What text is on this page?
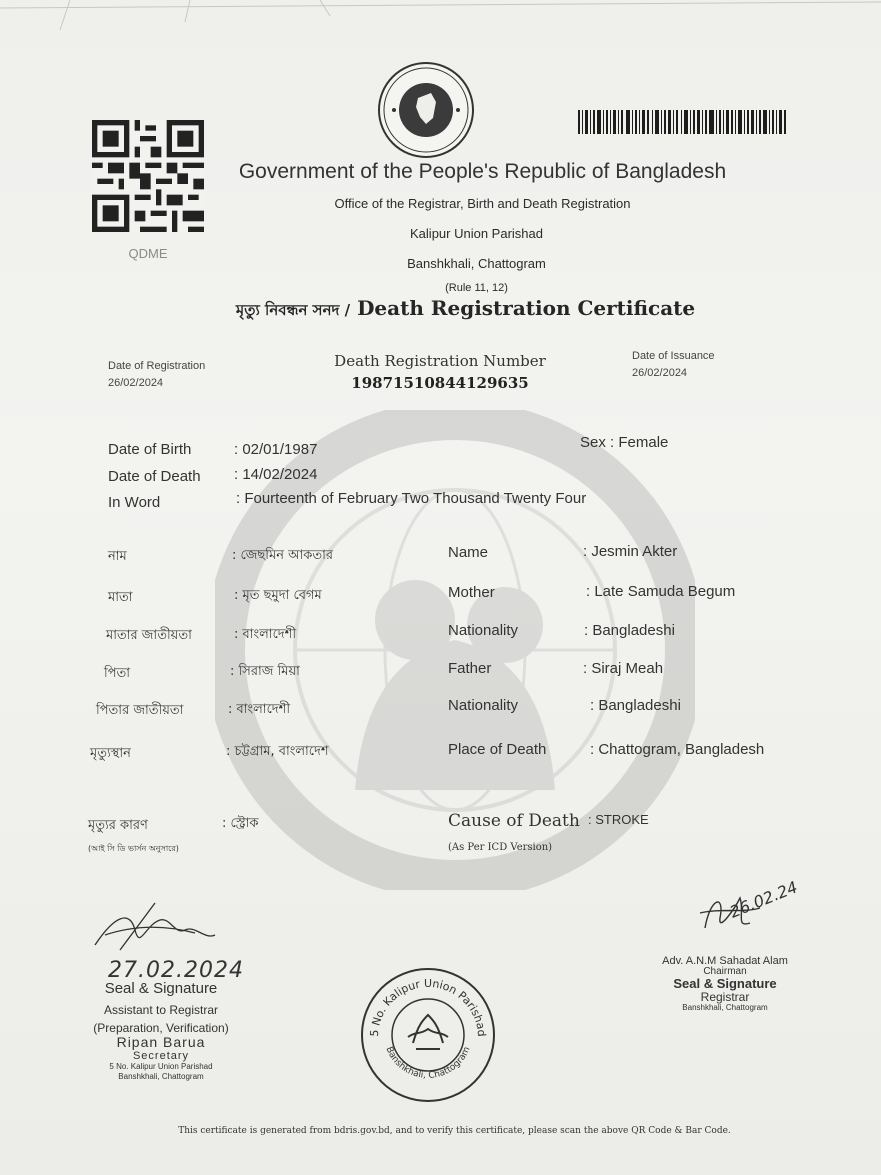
QDME
Government of the People's Republic of Bangladesh
Office of the Registrar, Birth and Death Registration
Kalipur Union Parishad
Banshkhali, Chattogram
(Rule 11, 12)
মৃত্যু নিবন্ধন সনদ / Death Registration Certificate
Date of Registration
26/02/2024
Death Registration Number
19871510844129635
Date of Issuance
26/02/2024
Date of Birth	: 02/01/1987	Sex : Female
Date of Death : 14/02/2024
In Word	: Fourteenth of February Two Thousand Twenty Four
নাম	: জেছমিন আকতার	Name	: Jesmin Akter
মাতা	: মৃত ছমুদা বেগম	Mother	: Late Samuda Begum
মাতার জাতীয়তা	: বাংলাদেশী	Nationality	: Bangladeshi
পিতা	: সিরাজ মিয়া	Father	: Siraj Meah
পিতার জাতীয়তা	: বাংলাদেশী	Nationality	: Bangladeshi
মৃত্যুস্থান	: চট্টগ্রাম, বাংলাদেশ	Place of Death	: Chattogram, Bangladesh
মৃত্যুর কারণ
(আই সি ডি ভার্সন অনুসারে)
: স্ট্রোক	Cause of Death : STROKE
(As Per ICD Version)
27.02.2024
Seal & Signature
Assistant to Registrar
(Preparation, Verification)
Ripan Barua
Secretary
5 No. Kalipur Union Parishad
Banshkhali, Chattogram
5 No. Kalipur Union Parishad
Banshkhali, Chattogram
26.02.24
Adv. A.N.M Sahadat Alam
Chairman
Seal & Signature
Registrar
Banshkhali, Chattogram
This certificate is generated from bdris.gov.bd, and to verify this certificate, please scan the above QR Code & Bar Code.
